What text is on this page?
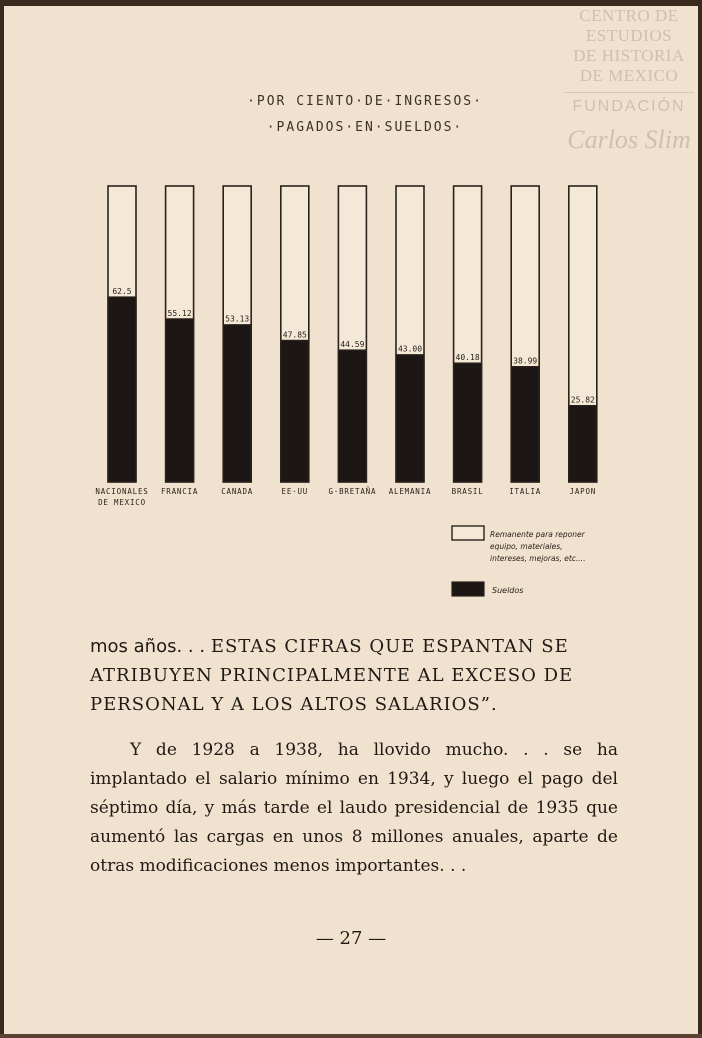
CENTRO DE
ESTUDIOS
DE HISTORIA
DE MEXICO
FUNDACIÓN
Carlos Slim
·POR CIENTO·DE·INGRESOS·
·PAGADOS·EN·SUELDOS·
62.5
NACIONALES
DE MEXICO
55.12
FRANCIA
53.13
CANADA
47.85
EE·UU
44.59
G·BRETAÑA
43.00
ALEMANIA
40.18
BRASIL
38.99
ITALIA
25.82
JAPON
Remanente para reponer
equipo, materiales,
intereses, mejoras, etc....
Sueldos
mos años. . . ESTAS CIFRAS QUE ESPANTAN SE ATRIBUYEN PRINCIPALMENTE AL EXCESO DE PERSONAL Y A LOS ALTOS SALARIOS”.
Y de 1928 a 1938, ha llovido mucho. . . se ha implantado el salario mínimo en 1934, y luego el pago del séptimo día, y más tarde el laudo presidencial de 1935 que aumentó las cargas en unos 8 millones anuales, aparte de otras modificaciones menos importantes. . .
— 27 —
